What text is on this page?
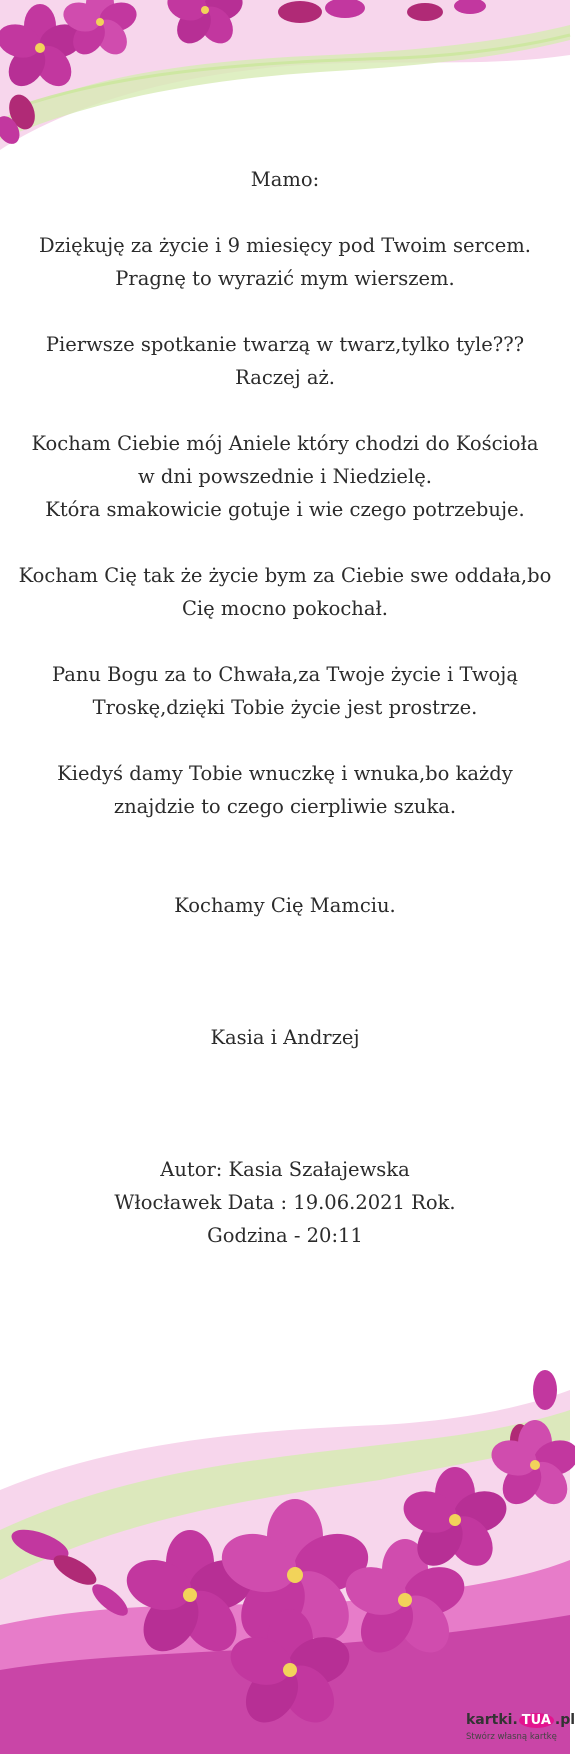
Mamo:
Dziękuję za życie i 9 miesięcy pod Twoim sercem.
Pragnę to wyrazić mym wierszem.
Pierwsze spotkanie twarzą w twarz,tylko tyle???
Raczej aż.
Kocham Ciebie mój Aniele który chodzi do Kościoła
w dni powszednie i Niedzielę.
Która smakowicie gotuje i wie czego potrzebuje.
Kocham Cię tak że życie bym za Ciebie swe oddała,bo
Cię mocno pokochał.
Panu Bogu za to Chwała,za Twoje życie i Twoją
Troskę,dzięki Tobie życie jest prostrze.
Kiedyś damy Tobie wnuczkę i wnuka,bo każdy
znajdzie to czego cierpliwie szuka.
Kochamy Cię Mamciu.
Kasia i Andrzej
Autor: Kasia Szałajewska
Włocławek Data : 19.06.2021 Rok.
Godzina - 20:11
kartki. TUA .pl
Stwórz własną kartkę
